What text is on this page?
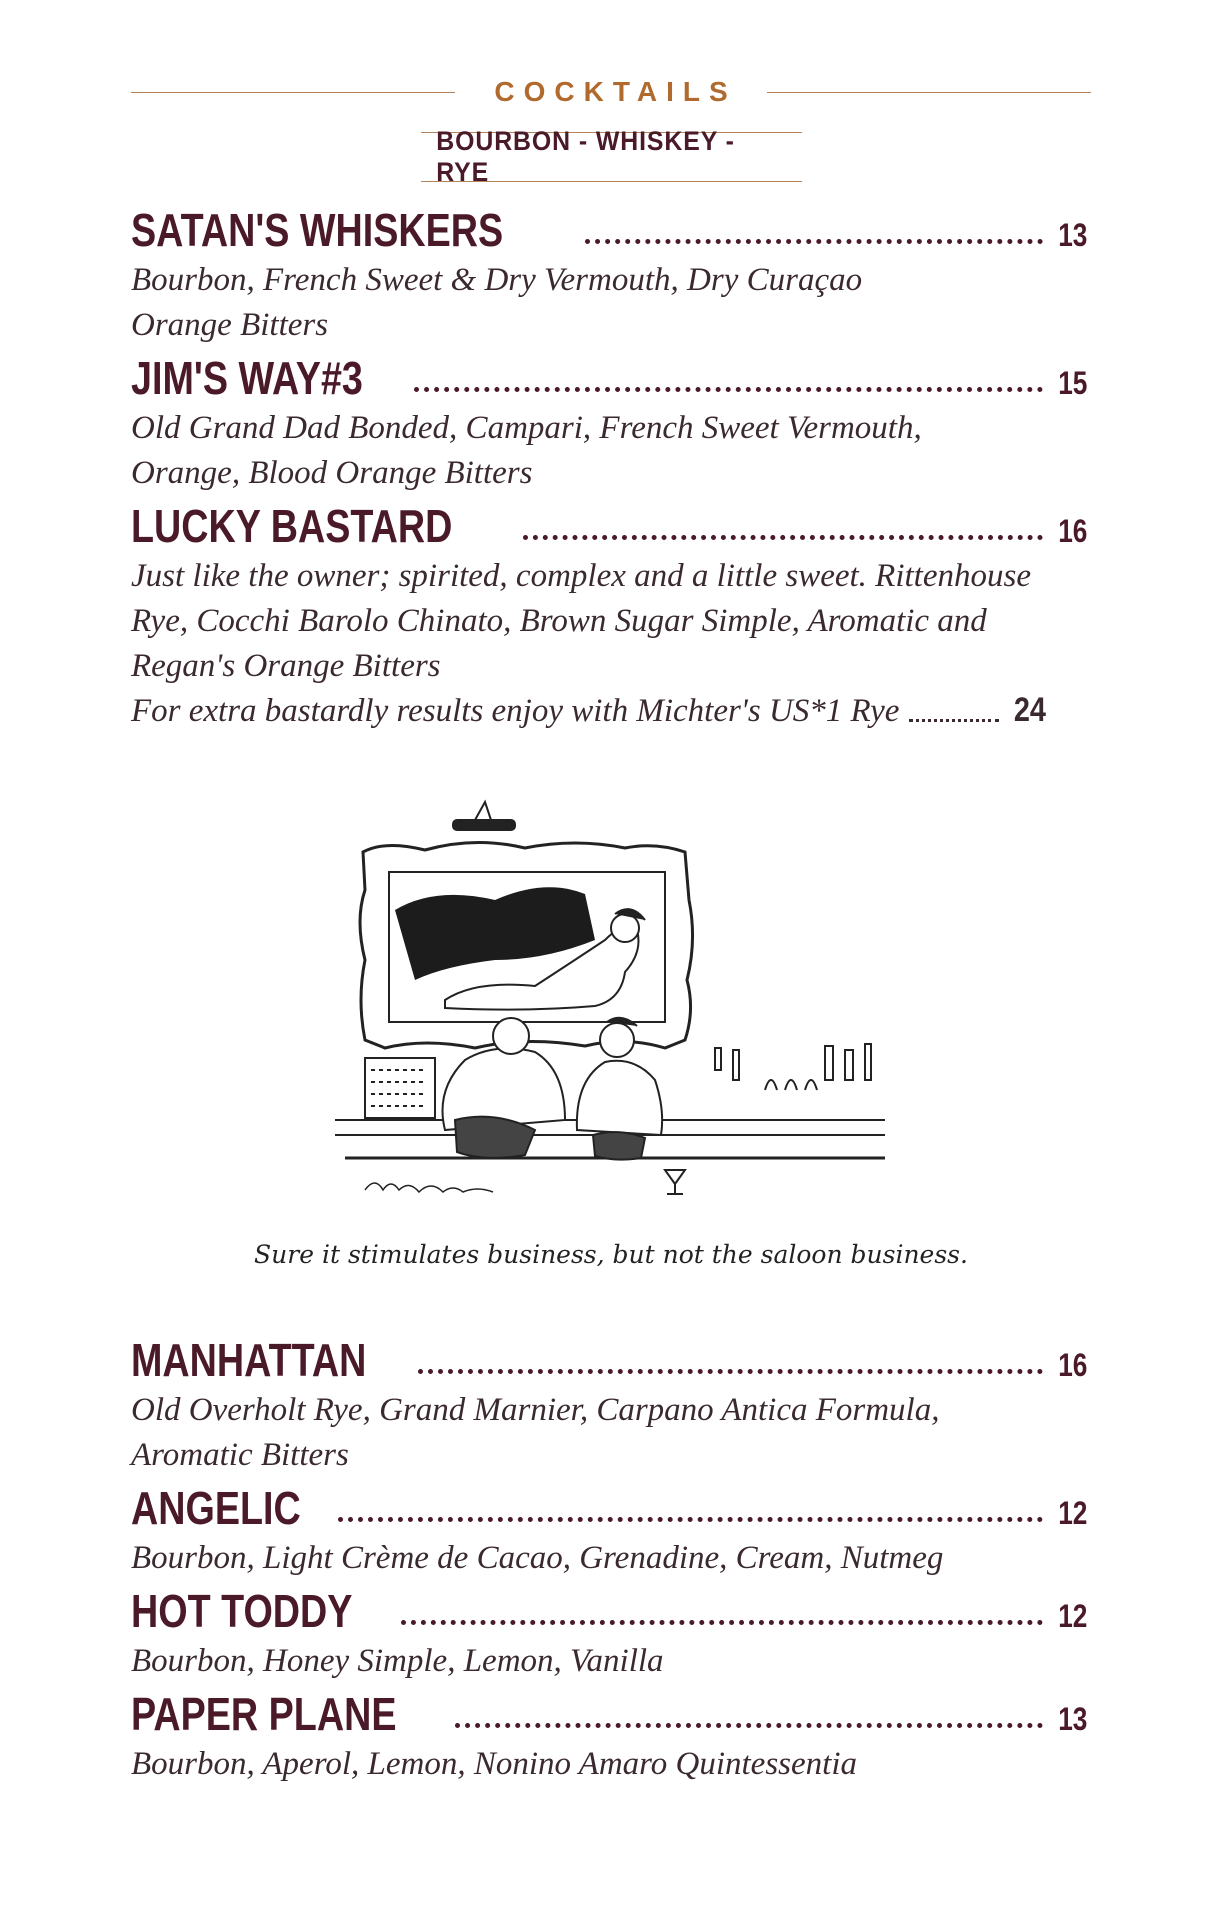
COCKTAILS
BOURBON - WHISKEY - RYE
SATAN'S WHISKERS	13
Bourbon, French Sweet & Dry Vermouth, Dry Curaçao
Orange Bitters
JIM'S WAY#3	15
Old Grand Dad Bonded, Campari, French Sweet Vermouth,
Orange, Blood Orange Bitters
LUCKY BASTARD	16
Just like the owner; spirited, complex and a little sweet. Rittenhouse
Rye, Cocchi Barolo Chinato, Brown Sugar Simple, Aromatic and
Regan's Orange Bitters
For extra bastardly results enjoy with Michter's US*1 Rye	24
Sure it stimulates business, but not the saloon business.
MANHATTAN	16
Old Overholt Rye, Grand Marnier, Carpano Antica Formula,
Aromatic Bitters
ANGELIC	12
Bourbon, Light Crème de Cacao, Grenadine, Cream, Nutmeg
HOT TODDY	12
Bourbon, Honey Simple, Lemon, Vanilla
PAPER PLANE	13
Bourbon, Aperol, Lemon, Nonino Amaro Quintessentia
